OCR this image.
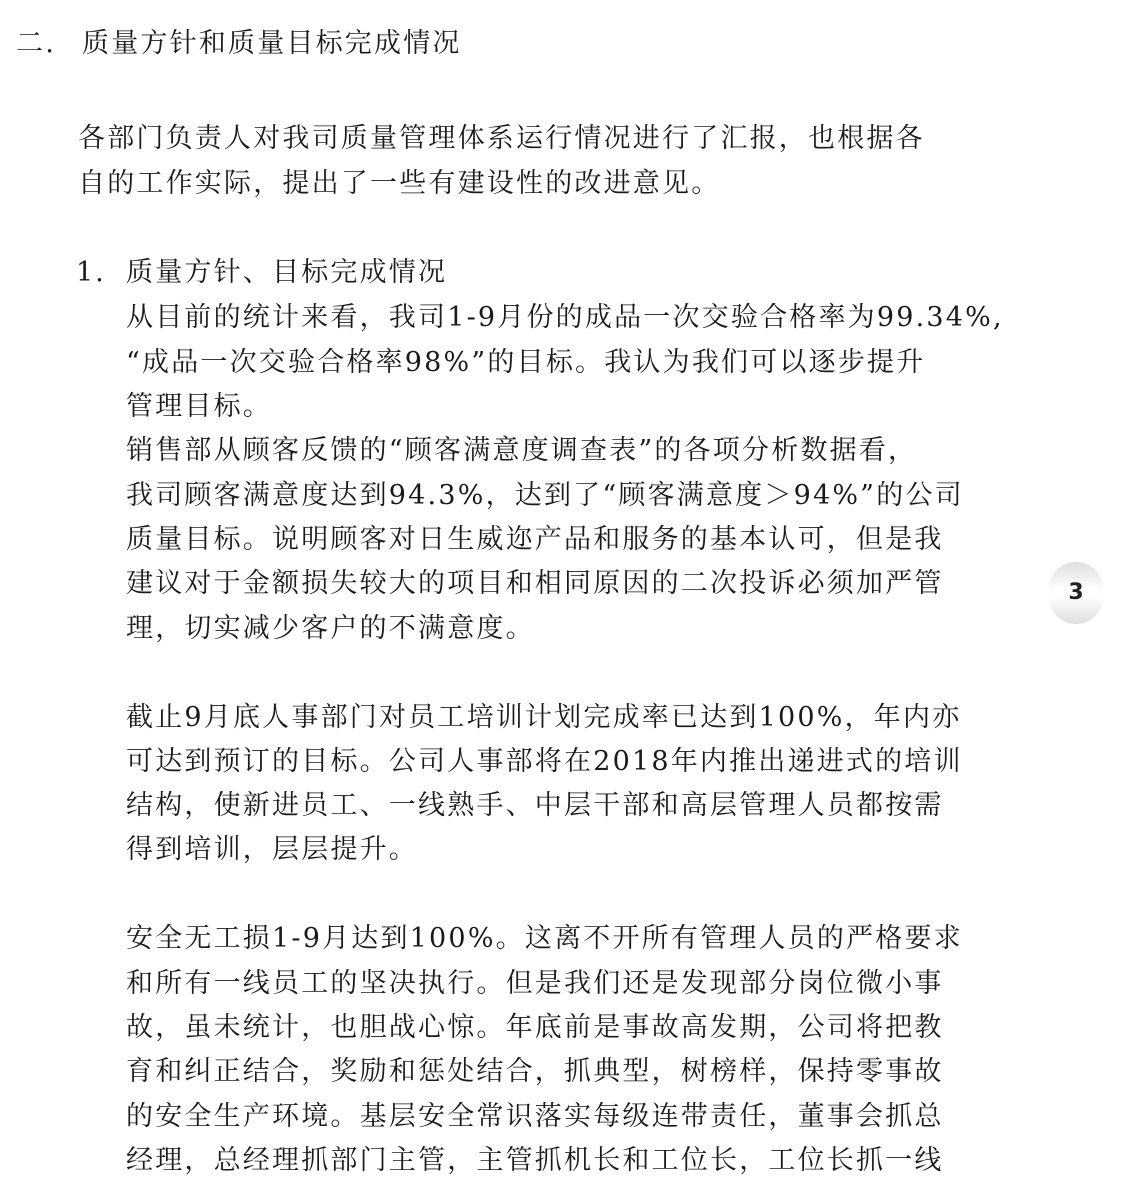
二. 质量方针和质量目标完成情况
各部门负责人对我司质量管理体系运行情况进行了汇报，也根据各
自的工作实际，提出了一些有建设性的改进意见。
1. 质量方针、目标完成情况
从目前的统计来看，我司1-9月份的成品一次交验合格率为99.34%,
“成品一次交验合格率98%”的目标。我认为我们可以逐步提升
管理目标。
销售部从顾客反馈的“顾客满意度调查表”的各项分析数据看，
我司顾客满意度达到94.3%，达到了“顾客满意度＞94%”的公司
质量目标。说明顾客对日生威迩产品和服务的基本认可，但是我
建议对于金额损失较大的项目和相同原因的二次投诉必须加严管
理，切实减少客户的不满意度。
截止9月底人事部门对员工培训计划完成率已达到100%，年内亦
可达到预订的目标。公司人事部将在2018年内推出递进式的培训
结构，使新进员工、一线熟手、中层干部和高层管理人员都按需
得到培训，层层提升。
安全无工损1-9月达到100%。这离不开所有管理人员的严格要求
和所有一线员工的坚决执行。但是我们还是发现部分岗位微小事
故，虽未统计，也胆战心惊。年底前是事故高发期，公司将把教
育和纠正结合，奖励和惩处结合，抓典型，树榜样，保持零事故
的安全生产环境。基层安全常识落实每级连带责任，董事会抓总
经理，总经理抓部门主管，主管抓机长和工位长，工位长抓一线
3
